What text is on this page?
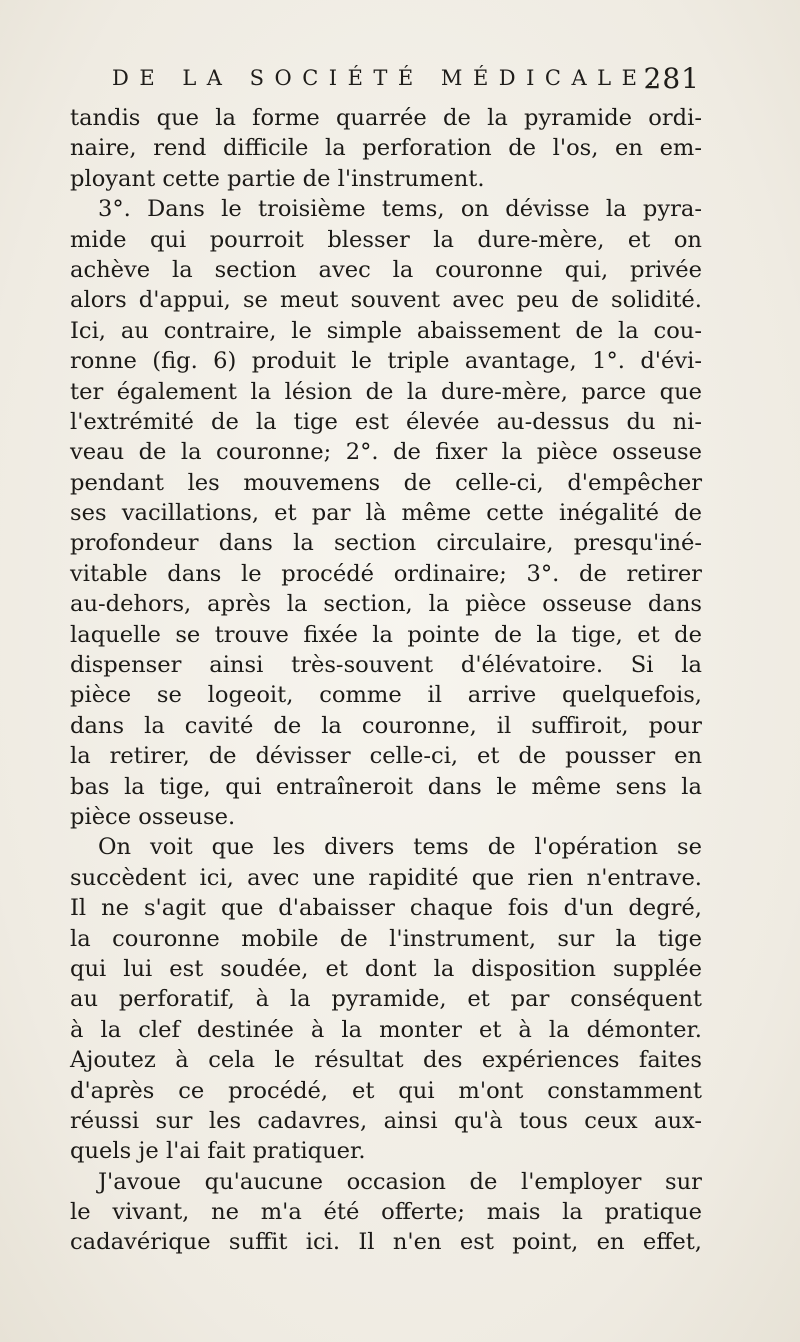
DE LA SOCIÉTÉ MÉDICALE.
281
tandis que la forme quarrée de la pyramide ordi-
naire, rend difficile la perforation de l'os, en em-
ployant cette partie de l'instrument.
3°. Dans le troisième tems, on dévisse la pyra-
mide qui pourroit blesser la dure-mère, et on
achève la section avec la couronne qui, privée
alors d'appui, se meut souvent avec peu de solidité.
Ici, au contraire, le simple abaissement de la cou-
ronne (fig. 6) produit le triple avantage, 1°. d'évi-
ter également la lésion de la dure-mère, parce que
l'extrémité de la tige est élevée au-dessus du ni-
veau de la couronne; 2°. de fixer la pièce osseuse
pendant les mouvemens de celle-ci, d'empêcher
ses vacillations, et par là même cette inégalité de
profondeur dans la section circulaire, presqu'iné-
vitable dans le procédé ordinaire; 3°. de retirer
au-dehors, après la section, la pièce osseuse dans
laquelle se trouve fixée la pointe de la tige, et de
dispenser ainsi très-souvent d'élévatoire. Si la
pièce se logeoit, comme il arrive quelquefois,
dans la cavité de la couronne, il suffiroit, pour
la retirer, de dévisser celle-ci, et de pousser en
bas la tige, qui entraîneroit dans le même sens la
pièce osseuse.
On voit que les divers tems de l'opération se
succèdent ici, avec une rapidité que rien n'entrave.
Il ne s'agit que d'abaisser chaque fois d'un degré,
la couronne mobile de l'instrument, sur la tige
qui lui est soudée, et dont la disposition supplée
au perforatif, à la pyramide, et par conséquent
à la clef destinée à la monter et à la démonter.
Ajoutez à cela le résultat des expériences faites
d'après ce procédé, et qui m'ont constamment
réussi sur les cadavres, ainsi qu'à tous ceux aux-
quels je l'ai fait pratiquer.
J'avoue qu'aucune occasion de l'employer sur
le vivant, ne m'a été offerte; mais la pratique
cadavérique suffit ici. Il n'en est point, en effet,
